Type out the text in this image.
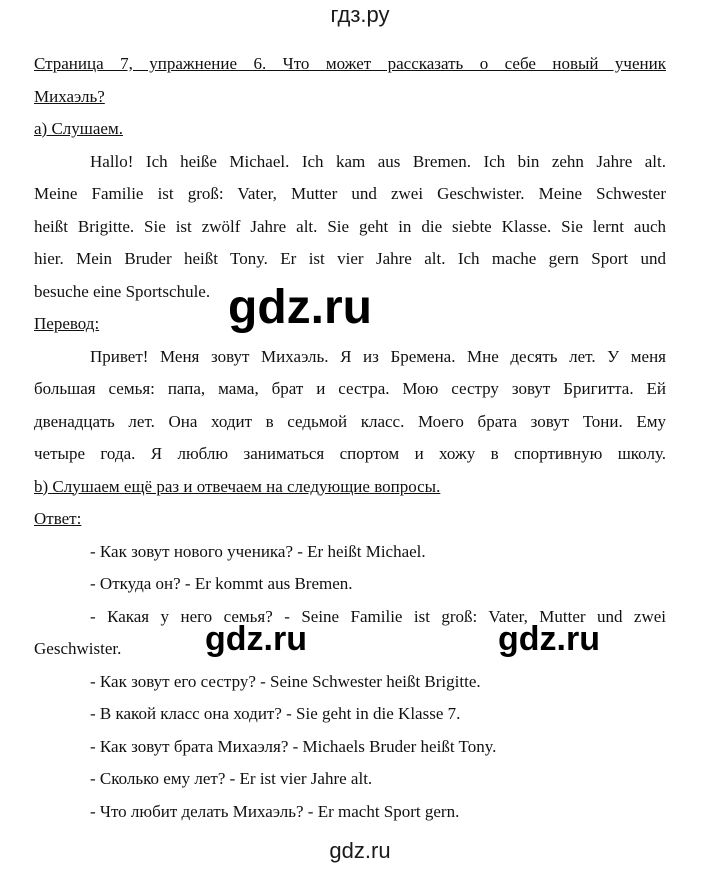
гдз.ру

Страница 7, упражнение 6. Что может рассказать о себе новый ученик

Михаэль?

а) Слушаем.

Hallo! Ich heiße Michael. Ich kam aus Bremen. Ich bin zehn Jahre alt.

Meine Familie ist groß: Vater, Mutter und zwei Geschwister. Meine Schwester

heißt Brigitte. Sie ist zwölf Jahre alt. Sie geht in die siebte Klasse. Sie lernt auch

hier. Mein Bruder heißt Tony. Er ist vier Jahre alt. Ich mache gern Sport und

besuche eine Sportschule.

Перевод:

Привет! Меня зовут Михаэль. Я из Бремена. Мне десять лет. У меня

большая семья: папа, мама, брат и сестра. Мою сестру зовут Бригитта. Ей

двенадцать лет. Она ходит в седьмой класс. Моего брата зовут Тони. Ему

четыре года. Я люблю заниматься спортом и хожу в спортивную школу.

b) Слушаем ещё раз и отвечаем на следующие вопросы.

Ответ:

- Как зовут нового ученика? - Er heißt Michael.

- Откуда он? - Er kommt aus Bremen.

- Какая у него семья? - Seine Familie ist groß: Vater, Mutter und zwei

Geschwister.

- Как зовут его сестру? - Seine Schwester heißt Brigitte.

- В какой класс она ходит? - Sie geht in die Klasse 7.

- Как зовут брата Михаэля? - Michaels Bruder heißt Tony.

- Сколько ему лет? - Er ist vier Jahre alt.

- Что любит делать Михаэль? - Er macht Sport gern.

gdz.ru
gdz.ru	gdz.ru
gdz.ru
